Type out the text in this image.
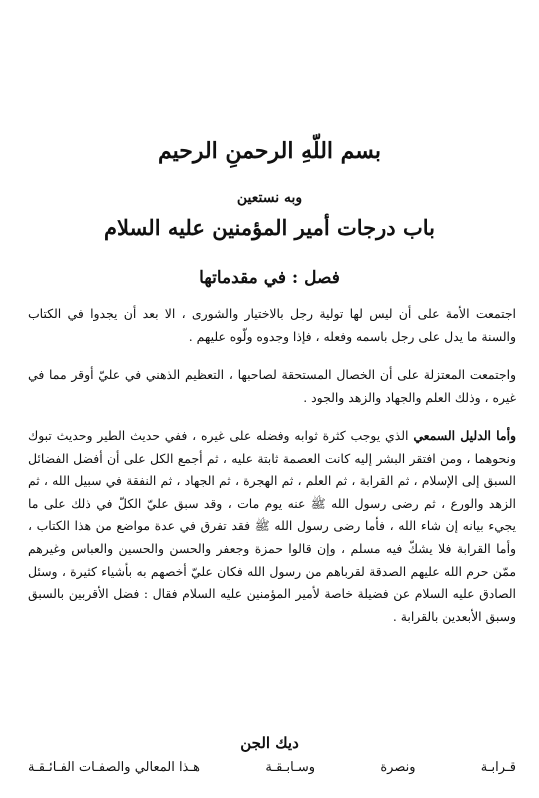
بسم اللّهِ الرحمنِ الرحيم
وبه نستعين
باب درجات أمير المؤمنين عليه السلام
فصل : في مقدماتها
اجتمعت الأمة على أن ليس لها تولية رجل بالاختيار والشورى ، الا بعد أن يجدوا في الكتاب والسنة ما يدل على رجل باسمه وفعله ، فإذا وجدوه ولّوه عليهم .
واجتمعت المعتزلة على أن الخصال المستحقة لصاحبها ، التعظيم الذهني في عليّ أوقر مما في غيره ، وذلك العلم والجهاد والزهد والجود .
وأما الدليل السمعي الذي يوجب كثرة ثوابه وفضله على غيره ، ففي حديث الطير وحديث تبوك ونحوهما ، ومن افتقر البشر إليه كانت العصمة ثابتة عليه ، ثم أجمع الكل على أن أفضل الفضائل السبق إلى الإسلام ، ثم القرابة ، ثم العلم ، ثم الهجرة ، ثم الجهاد ، ثم النفقة في سبيل الله ، ثم الزهد والورع ، ثم رضى رسول الله ﷺ عنه يوم مات ، وقد سبق عليّ الكلّ في ذلك على ما يجيء بيانه إن شاء الله ، فأما رضى رسول الله ﷺ فقد تفرق في عدة مواضع من هذا الكتاب ، وأما القرابة فلا يشكّ فيه مسلم ، وإن قالوا حمزة وجعفر والحسن والحسين والعباس وغيرهم ممّن حرم الله عليهم الصدقة لقرباهم من رسول الله فكان عليّ أخصهم به بأشياء كثيرة ، وسئل الصادق عليه السلام عن فضيلة خاصة لأمير المؤمنين عليه السلام فقال : فضل الأقربين بالسبق وسبق الأبعدين بالقرابة .
ديك الجن
قـرابـة
ونصرة
وسـابـقـة
هـذا المعالي والصفـات الفـائـقـة
